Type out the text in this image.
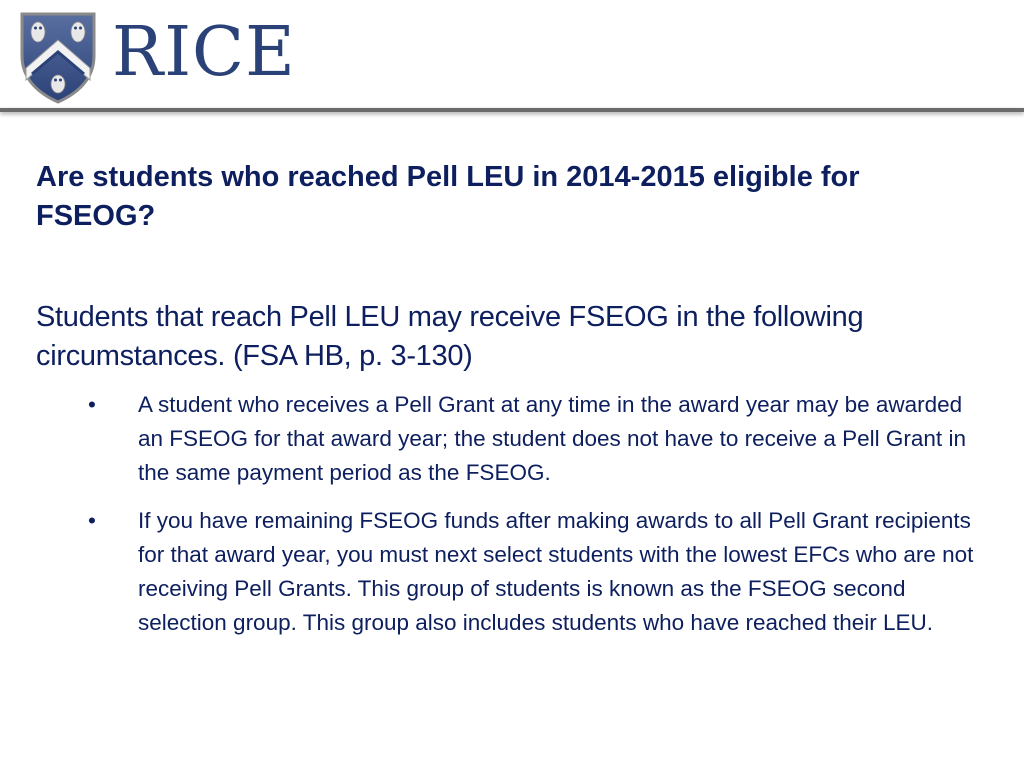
RICE
Are students who reached Pell LEU in 2014-2015 eligible for FSEOG?

Students that reach Pell LEU may receive FSEOG in the following circumstances. (FSA HB, p. 3-130)

• A student who receives a Pell Grant at any time in the award year may be awarded an FSEOG for that award year; the student does not have to receive a Pell Grant in the same payment period as the FSEOG.
• If you have remaining FSEOG funds after making awards to all Pell Grant recipients for that award year, you must next select students with the lowest EFCs who are not receiving Pell Grants. This group of students is known as the FSEOG second selection group. This group also includes students who have reached their LEU.
